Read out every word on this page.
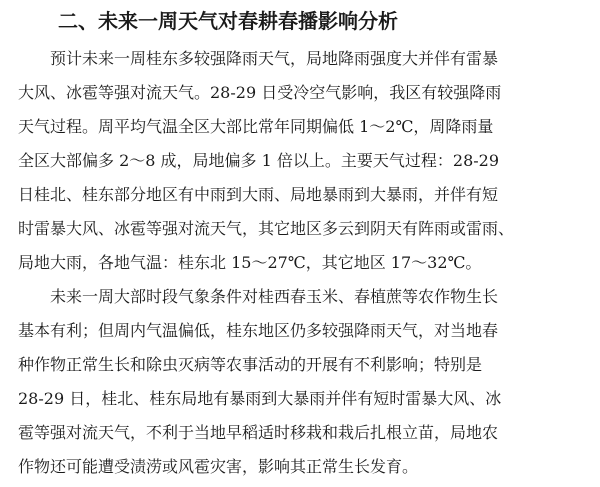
二、未来一周天气对春耕春播影响分析
预计未来一周桂东多较强降雨天气，局地降雨强度大并伴有雷暴
大风、冰雹等强对流天气。28-29 日受冷空气影响，我区有较强降雨
天气过程。周平均气温全区大部比常年同期偏低 1～2℃，周降雨量
全区大部偏多 2～8 成，局地偏多 1 倍以上。主要天气过程：28-29
日桂北、桂东部分地区有中雨到大雨、局地暴雨到大暴雨，并伴有短
时雷暴大风、冰雹等强对流天气，其它地区多云到阴天有阵雨或雷雨、
局地大雨，各地气温：桂东北 15～27℃，其它地区 17～32℃。
未来一周大部时段气象条件对桂西春玉米、春植蔗等农作物生长
基本有利；但周内气温偏低，桂东地区仍多较强降雨天气，对当地春
种作物正常生长和除虫灭病等农事活动的开展有不利影响；特别是
28-29 日，桂北、桂东局地有暴雨到大暴雨并伴有短时雷暴大风、冰
雹等强对流天气，不利于当地早稻适时移栽和栽后扎根立苗，局地农
作物还可能遭受渍涝或风雹灾害，影响其正常生长发育。
